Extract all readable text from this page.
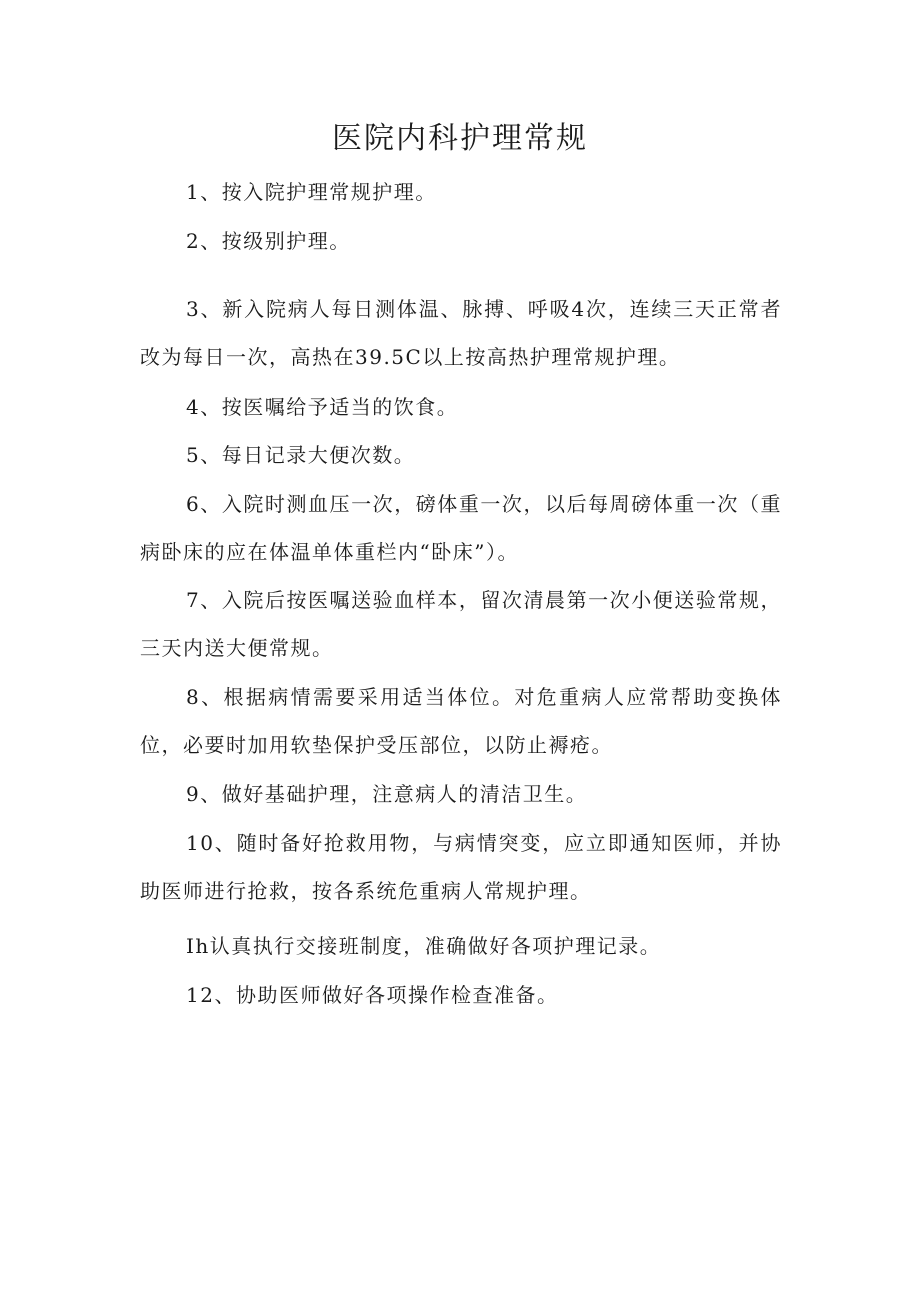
医院内科护理常规

1、按入院护理常规护理。

2、按级别护理。

3、新入院病人每日测体温、脉搏、呼吸4次，连续三天正常者改为每日一次，高热在39.5C以上按高热护理常规护理。

4、按医嘱给予适当的饮食。

5、每日记录大便次数。

6、入院时测血压一次，磅体重一次，以后每周磅体重一次（重病卧床的应在体温单体重栏内“卧床”）。

7、入院后按医嘱送验血样本，留次清晨第一次小便送验常规，三天内送大便常规。

8、根据病情需要采用适当体位。对危重病人应常帮助变换体位，必要时加用软垫保护受压部位，以防止褥疮。

9、做好基础护理，注意病人的清洁卫生。

10、随时备好抢救用物，与病情突变，应立即通知医师，并协助医师进行抢救，按各系统危重病人常规护理。

Ih认真执行交接班制度，准确做好各项护理记录。

12、协助医师做好各项操作检查准备。
